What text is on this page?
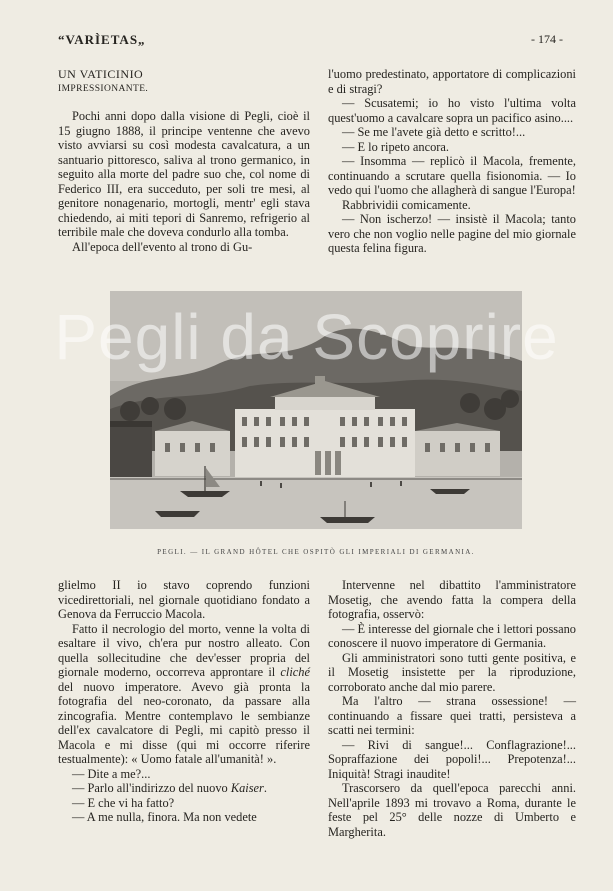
“VARÌETAS„	- 174 -

UN VATICINIO

IMPRESSIONANTE.

Pochi anni dopo dalla visione di Pegli, cioè il 15 giugno 1888, il principe ventenne che avevo visto avviarsi su così modesta cavalcatura, a un santuario pittoresco, saliva al trono germanico, in seguito alla morte del padre suo che, col nome di Federico III, era succeduto, per soli tre mesi, al genitore nonagenario, mortogli, mentr' egli stava chiedendo, ai miti tepori di Sanremo, refrigerio al terribile male che doveva condurlo alla tomba.

All'epoca dell'evento al trono di Gu-

l'uomo predestinato, apportatore di complicazioni e di stragi?

— Scusatemi; io ho visto l'ultima volta quest'uomo a cavalcare sopra un pacifico asino....

— Se me l'avete già detto e scritto!...

— E lo ripeto ancora.

— Insomma — replicò il Macola, fremente, continuando a scrutare quella fisionomia. — Io vedo qui l'uomo che allagherà di sangue l'Europa!

Rabbrividii comicamente.

— Non ischerzo! — insistè il Macola; tanto vero che non voglio nelle pagine del mio giornale questa felina figura.

Pegli da Scoprire
PEGLI. — IL GRAND HÔTEL CHE OSPITÒ GLI IMPERIALI DI GERMANIA.

glielmo II io stavo coprendo funzioni vicedirettoriali, nel giornale quotidiano fondato a Genova da Ferruccio Macola.

Fatto il necrologio del morto, venne la volta di esaltare il vivo, ch'era pur nostro alleato. Con quella sollecitudine che dev'esser propria del giornale moderno, occorreva approntare il cliché del nuovo imperatore. Avevo già pronta la fotografia del neo-coronato, da passare alla zincografia. Mentre contemplavo le sembianze dell'ex cavalcatore di Pegli, mi capitò presso il Macola e mi disse (qui mi occorre riferire testualmente): « Uomo fatale all'umanità! ».

— Dite a me?...

— Parlo all'indirizzo del nuovo Kaiser.

— E che vi ha fatto?

— A me nulla, finora. Ma non vedete

Intervenne nel dibattito l'amministratore Mosetig, che avendo fatta la compera della fotografia, osservò:

— È interesse del giornale che i lettori possano conoscere il nuovo imperatore di Germania.

Gli amministratori sono tutti gente positiva, e il Mosetig insistette per la riproduzione, corroborato anche dal mio parere.

Ma l'altro — strana ossessione! — continuando a fissare quei tratti, persisteva a scatti nei termini:

— Rivi di sangue!... Conflagrazione!... Sopraffazione dei popoli!... Prepotenza!... Iniquità! Stragi inaudite!

Trascorsero da quell'epoca parecchi anni. Nell'aprile 1893 mi trovavo a Roma, durante le feste pel 25° delle nozze di Umberto e Margherita.
